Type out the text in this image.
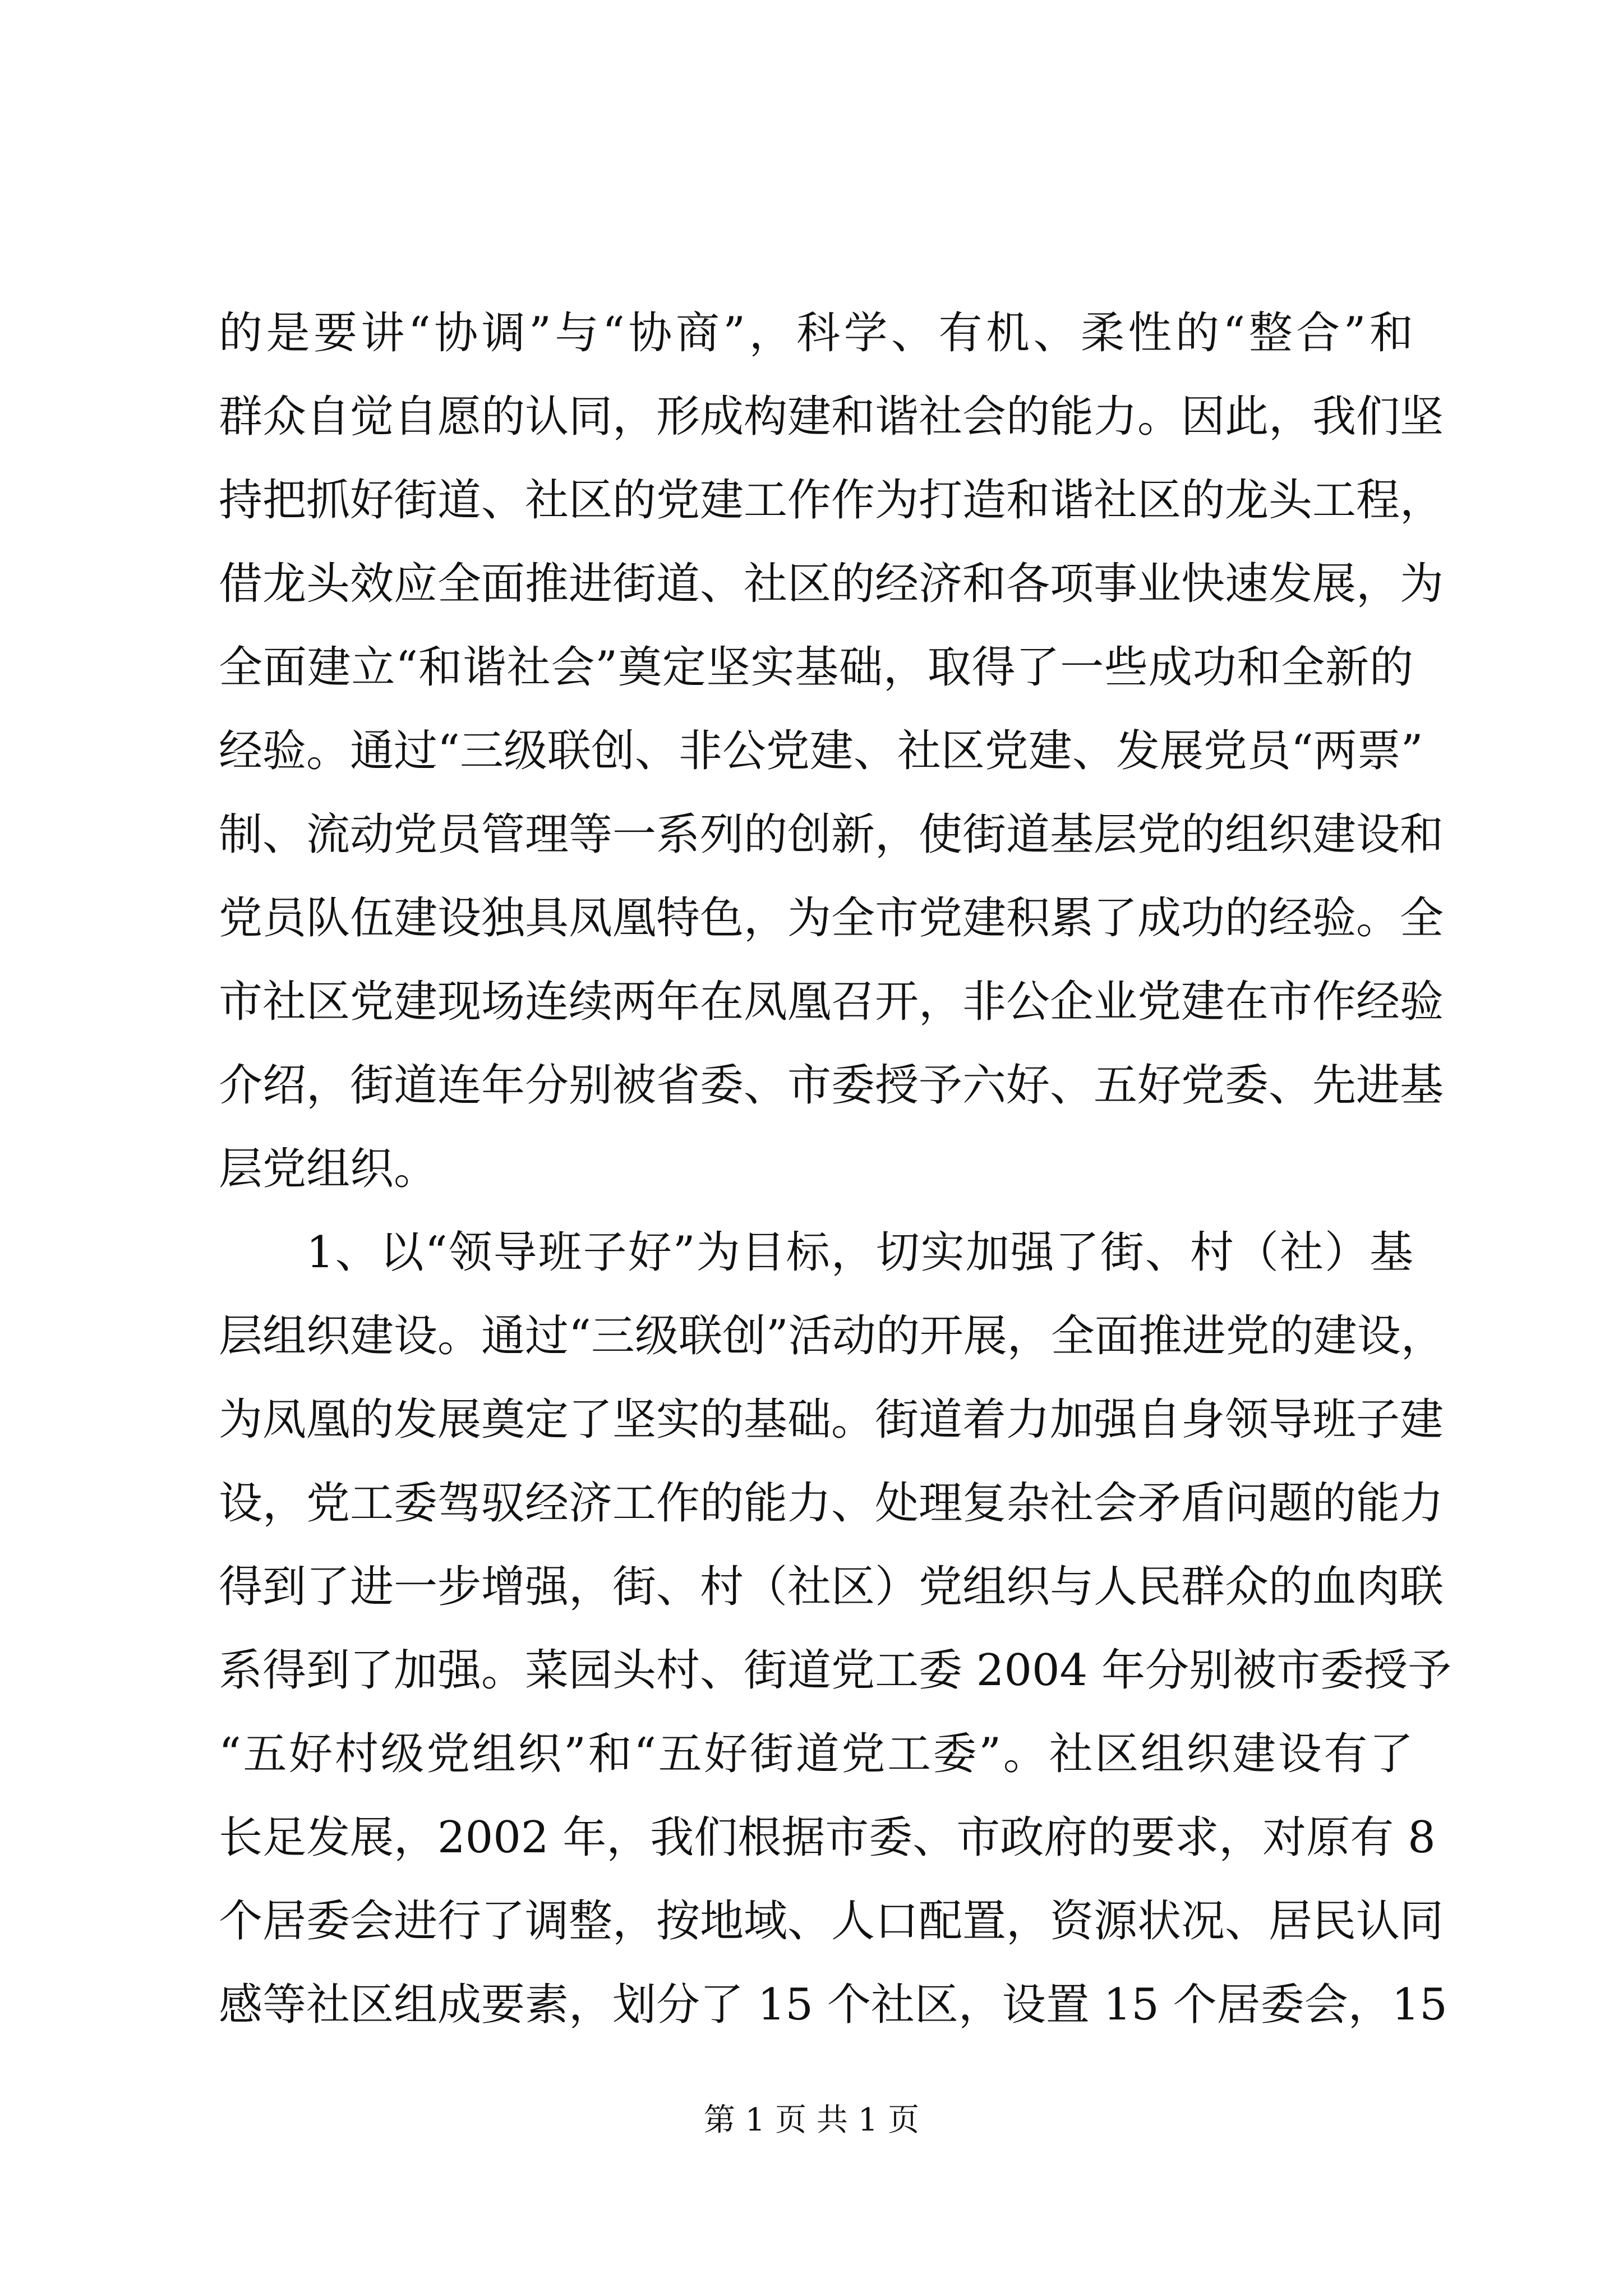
的是要讲“协调”与“协商”，科学、有机、柔性的“整合”和
群众自觉自愿的认同，形成构建和谐社会的能力。因此，我们坚
持把抓好街道、社区的党建工作作为打造和谐社区的龙头工程，
借龙头效应全面推进街道、社区的经济和各项事业快速发展，为
全面建立“和谐社会”奠定坚实基础，取得了一些成功和全新的
经验。通过“三级联创、非公党建、社区党建、发展党员“两票”
制、流动党员管理等一系列的创新，使街道基层党的组织建设和
党员队伍建设独具凤凰特色，为全市党建积累了成功的经验。全
市社区党建现场连续两年在凤凰召开，非公企业党建在市作经验
介绍，街道连年分别被省委、市委授予六好、五好党委、先进基
层党组织。
1、以“领导班子好”为目标，切实加强了街、村（社）基
层组织建设。通过“三级联创”活动的开展，全面推进党的建设，
为凤凰的发展奠定了坚实的基础。街道着力加强自身领导班子建
设，党工委驾驭经济工作的能力、处理复杂社会矛盾问题的能力
得到了进一步增强，街、村（社区）党组织与人民群众的血肉联
系得到了加强。菜园头村、街道党工委 2004 年分别被市委授予
“五好村级党组织”和“五好街道党工委”。社区组织建设有了
长足发展，2002 年，我们根据市委、市政府的要求，对原有 8
个居委会进行了调整，按地域、人口配置，资源状况、居民认同
感等社区组成要素，划分了 15 个社区，设置 15 个居委会，15
第 1 页 共 1 页
